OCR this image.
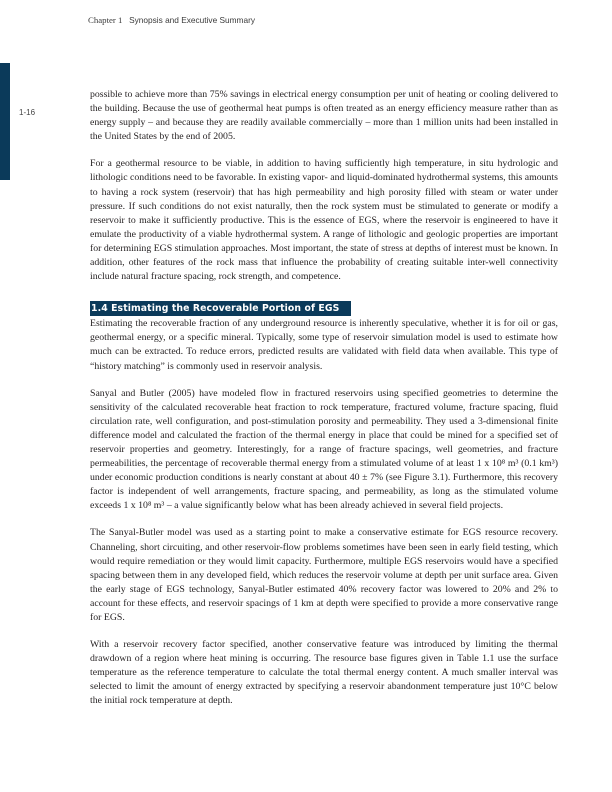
Chapter 1 Synopsis and Executive Summary
1-16

possible to achieve more than 75% savings in electrical energy consumption per unit of heating or cooling delivered to the building. Because the use of geothermal heat pumps is often treated as an energy efficiency measure rather than as energy supply – and because they are readily available commercially – more than 1 million units had been installed in the United States by the end of 2005.

For a geothermal resource to be viable, in addition to having sufficiently high temperature, in situ hydrologic and lithologic conditions need to be favorable. In existing vapor- and liquid-dominated hydrothermal systems, this amounts to having a rock system (reservoir) that has high permeability and high porosity filled with steam or water under pressure. If such conditions do not exist naturally, then the rock system must be stimulated to generate or modify a reservoir to make it sufficiently productive. This is the essence of EGS, where the reservoir is engineered to have it emulate the productivity of a viable hydrothermal system. A range of lithologic and geologic properties are important for determining EGS stimulation approaches. Most important, the state of stress at depths of interest must be known. In addition, other features of the rock mass that influence the probability of creating suitable inter-well connectivity include natural fracture spacing, rock strength, and competence.

1.4 Estimating the Recoverable Portion of EGS

Estimating the recoverable fraction of any underground resource is inherently speculative, whether it is for oil or gas, geothermal energy, or a specific mineral. Typically, some type of reservoir simulation model is used to estimate how much can be extracted. To reduce errors, predicted results are validated with field data when available. This type of “history matching” is commonly used in reservoir analysis.

Sanyal and Butler (2005) have modeled flow in fractured reservoirs using specified geometries to determine the sensitivity of the calculated recoverable heat fraction to rock temperature, fractured volume, fracture spacing, fluid circulation rate, well configuration, and post-stimulation porosity and permeability. They used a 3-dimensional finite difference model and calculated the fraction of the thermal energy in place that could be mined for a specified set of reservoir properties and geometry. Interestingly, for a range of fracture spacings, well geometries, and fracture permeabilities, the percentage of recoverable thermal energy from a stimulated volume of at least 1 x 10⁸ m³ (0.1 km³) under economic production conditions is nearly constant at about 40 ± 7% (see Figure 3.1). Furthermore, this recovery factor is independent of well arrangements, fracture spacing, and permeability, as long as the stimulated volume exceeds 1 x 10⁸ m³ – a value significantly below what has been already achieved in several field projects.

The Sanyal-Butler model was used as a starting point to make a conservative estimate for EGS resource recovery. Channeling, short circuiting, and other reservoir-flow problems sometimes have been seen in early field testing, which would require remediation or they would limit capacity. Furthermore, multiple EGS reservoirs would have a specified spacing between them in any developed field, which reduces the reservoir volume at depth per unit surface area. Given the early stage of EGS technology, Sanyal-Butler estimated 40% recovery factor was lowered to 20% and 2% to account for these effects, and reservoir spacings of 1 km at depth were specified to provide a more conservative range for EGS.

With a reservoir recovery factor specified, another conservative feature was introduced by limiting the thermal drawdown of a region where heat mining is occurring. The resource base figures given in Table 1.1 use the surface temperature as the reference temperature to calculate the total thermal energy content. A much smaller interval was selected to limit the amount of energy extracted by specifying a reservoir abandonment temperature just 10°C below the initial rock temperature at depth.
